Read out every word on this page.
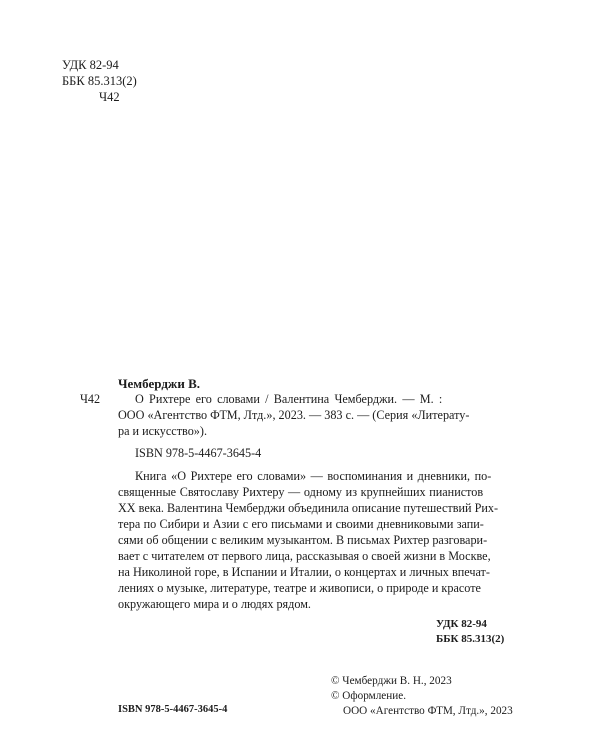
УДК 82-94
ББК 85.313(2)
Ч42
Чемберджи В.
Ч42	О Рихтере его словами / Валентина Чемберджи. — М. :
ООО «Агентство ФТМ, Лтд.», 2023. — 383 с. — (Серия «Литерату-
ра и искусство»).
ISBN 978-5-4467-3645-4
Книга «О Рихтере его словами» — воспоминания и дневники, по-
священные Святославу Рихтеру — одному из крупнейших пианистов
XX века. Валентина Чемберджи объединила описание путешествий Рих-
тера по Сибири и Азии с его письмами и своими дневниковыми запи-
сями об общении с великим музыкантом. В письмах Рихтер разговари-
вает с читателем от первого лица, рассказывая о своей жизни в Москве,
на Николиной горе, в Испании и Италии, о концертах и личных впечат-
лениях о музыке, литературе, театре и живописи, о природе и красоте
окружающего мира и о людях рядом.
УДК 82-94
ББК 85.313(2)
© Чемберджи В. Н., 2023
© Оформление.
ООО «Агентство ФТМ, Лтд.», 2023
ISBN 978-5-4467-3645-4
